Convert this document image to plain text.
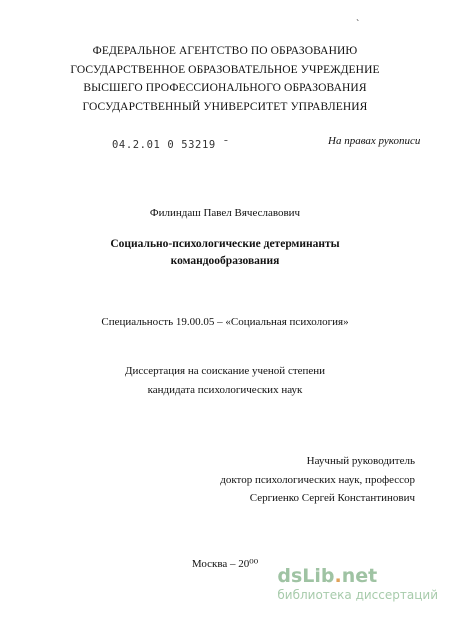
`
ФЕДЕРАЛЬНОЕ АГЕНТСТВО ПО ОБРАЗОВАНИЮ
ГОСУДАРСТВЕННОЕ ОБРАЗОВАТЕЛЬНОЕ УЧРЕЖДЕНИЕ
ВЫСШЕГО ПРОФЕССИОНАЛЬНОГО ОБРАЗОВАНИЯ
ГОСУДАРСТВЕННЫЙ УНИВЕРСИТЕТ УПРАВЛЕНИЯ
04.2.01 0 53219 ˉ	На правах рукописи
Филиндаш Павел Вячеславович
Социально-психологические детерминанты
командообразования
Специальность 19.00.05 – «Социальная психология»
Диссертация на соискание ученой степени
кандидата психологических наук
Научный руководитель
доктор психологических наук, профессор
Сергиенко Сергей Константинович
Москва – 20⁰⁰
dsLib.net
библиотека диссертаций
